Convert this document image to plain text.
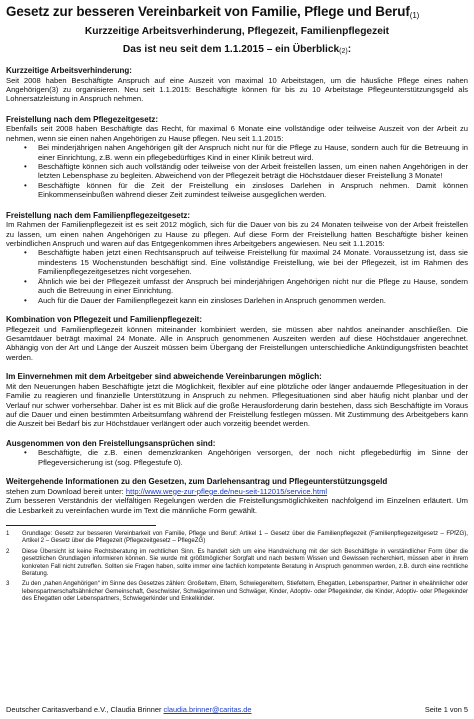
Gesetz zur besseren Vereinbarkeit von Familie, Pflege und Beruf$^{(1)}$
Kurzzeitige Arbeitsverhinderung, Pflegezeit, Familienpflegezeit
Das ist neu seit dem 1.1.2015 – ein Überblick$^{(2)}$:
Kurzzeitige Arbeitsverhinderung:

Seit 2008 haben Beschäftigte Anspruch auf eine Auszeit von maximal 10 Arbeitstagen, um die häusliche Pflege eines nahen Angehörigen(3) zu organisieren. Neu seit 1.1.2015: Beschäftigte können für bis zu 10 Arbeitstage Pflegeunterstützungsgeld als Lohnersatzleistung in Anspruch nehmen.

Freistellung nach dem Pflegezeitgesetz:

Ebenfalls seit 2008 haben Beschäftigte das Recht, für maximal 6 Monate eine vollständige oder teilweise Auszeit von der Arbeit zu nehmen, wenn sie einen nahen Angehörigen zu Hause pflegen. Neu seit 1.1.2015:

• Bei minderjährigen nahen Angehörigen gilt der Anspruch nicht nur für die Pflege zu Hause, sondern auch für die Betreuung in einer Einrichtung, z.B. wenn ein pflegebedürftiges Kind in einer Klinik betreut wird.
• Beschäftigte können sich auch vollständig oder teilweise von der Arbeit freistellen lassen, um einen nahen Angehörigen in der letzten Lebensphase zu begleiten. Abweichend von der Pflegezeit beträgt die Höchstdauer dieser Freistellung 3 Monate!
• Beschäftigte können für die Zeit der Freistellung ein zinsloses Darlehen in Anspruch nehmen. Damit können Einkommenseinbußen während dieser Zeit zumindest teilweise ausgeglichen werden.
Freistellung nach dem Familienpflegezeitgesetz:

Im Rahmen der Familienpflegezeit ist es seit 2012 möglich, sich für die Dauer von bis zu 24 Monaten teilweise von der Arbeit freistellen zu lassen, um einen nahen Angehörigen zu Hause zu pflegen. Auf diese Form der Freistellung hatten Beschäftigte bisher keinen verbindlichen Anspruch und waren auf das Entgegenkommen ihres Arbeitgebers angewiesen. Neu seit 1.1.2015:

• Beschäftigte haben jetzt einen Rechtsanspruch auf teilweise Freistellung für maximal 24 Monate. Voraussetzung ist, dass sie mindestens 15 Wochenstunden beschäftigt sind. Eine vollständige Freistellung, wie bei der Pflegezeit, ist im Rahmen des Familienpflegezeitgesetzes nicht vorgesehen.
• Ähnlich wie bei der Pflegezeit umfasst der Anspruch bei minderjährigen Angehörigen nicht nur die Pflege zu Hause, sondern auch die Betreuung in einer Einrichtung.
• Auch für die Dauer der Familienpflegezeit kann ein zinsloses Darlehen in Anspruch genommen werden.
Kombination von Pflegezeit und Familienpflegezeit:

Pflegezeit und Familienpflegezeit können miteinander kombiniert werden, sie müssen aber nahtlos aneinander anschließen. Die Gesamtdauer beträgt maximal 24 Monate. Alle in Anspruch genommenen Auszeiten werden auf diese Höchstdauer angerechnet. Abhängig von der Art und Länge der Auszeit müssen beim Übergang der Freistellungen unterschiedliche Ankündigungsfristen beachtet werden.

Im Einvernehmen mit dem Arbeitgeber sind abweichende Vereinbarungen möglich:

Mit den Neuerungen haben Beschäftigte jetzt die Möglichkeit, flexibler auf eine plötzliche oder länger andauernde Pflegesituation in der Familie zu reagieren und finanzielle Unterstützung in Anspruch zu nehmen. Pflegesituationen sind aber häufig nicht planbar und der Verlauf nur schwer vorhersehbar. Daher ist es mit Blick auf die große Herausforderung darin bestehen, dass sich Beschäftigte im Voraus auf die Dauer und einen bestimmten Arbeitsumfang während der Freistellung festlegen müssen. Mit Zustimmung des Arbeitgebers kann die Auszeit bei Bedarf bis zur Höchstdauer verlängert oder auch vorzeitig beendet werden.

Ausgenommen von den Freistellungsansprüchen sind:
• Beschäftigte, die z.B. einen demenzkranken Angehörigen versorgen, der noch nicht pflegebedürftig im Sinne der Pflegeversicherung ist (sog. Pflegestufe 0).
Weitergehende Informationen zu den Gesetzen, zum Darlehensantrag und Pflegeunterstützungsgeld

stehen zum Download bereit unter: http://www.wege-zur-pflege.de/neu-seit-112015/service.html

Zum besseren Verständnis der vielfältigen Regelungen werden die Freistellungsmöglichkeiten nachfolgend im Einzelnen erläutert. Um die Lesbarkeit zu vereinfachen wurde im Text die männliche Form gewählt.

1	Grundlage: Gesetz zur besseren Vereinbarkeit von Familie, Pflege und Beruf: Artikel 1 – Gesetz über die Familienpflegezeit (Familienpflegezeitgesetz – FPfZG), Artikel 2 – Gesetz über die Pflegezeit (Pflegezeitgesetz – PflegeZG)
2	Diese Übersicht ist keine Rechtsberatung im rechtlichen Sinn. Es handelt sich um eine Handreichung mit der sich Beschäftigte in verständlicher Form über die gesetzlichen Grundlagen informieren können. Sie wurde mit größtmöglicher Sorgfalt und nach bestem Wissen und Gewissen recherchiert, müssen aber in ihrem konkreten Fall nicht zutreffen. Sollten sie Fragen haben, sollte immer eine fachlich kompetente Beratung in Anspruch genommen werden, z.B. durch eine rechtliche Beratung.
3	Zu den „nahen Angehörigen“ im Sinne des Gesetzes zählen: Großeltern, Eltern, Schwiegereltern, Stiefeltern, Ehegatten, Lebenspartner, Partner in eheähnlicher oder lebenspartnerschaftsähnlicher Gemeinschaft, Geschwister, Schwägerinnen und Schwäger, Kinder, Adoptiv- oder Pflegekinder, die Kinder, Adoptiv- oder Pflegekinder des Ehegatten oder Lebenspartners, Schwiegerkinder und Enkelkinder.
Deutscher Caritasverband e.V., Claudia Brinner claudia.brinner@caritas.de	Seite 1 von 5
